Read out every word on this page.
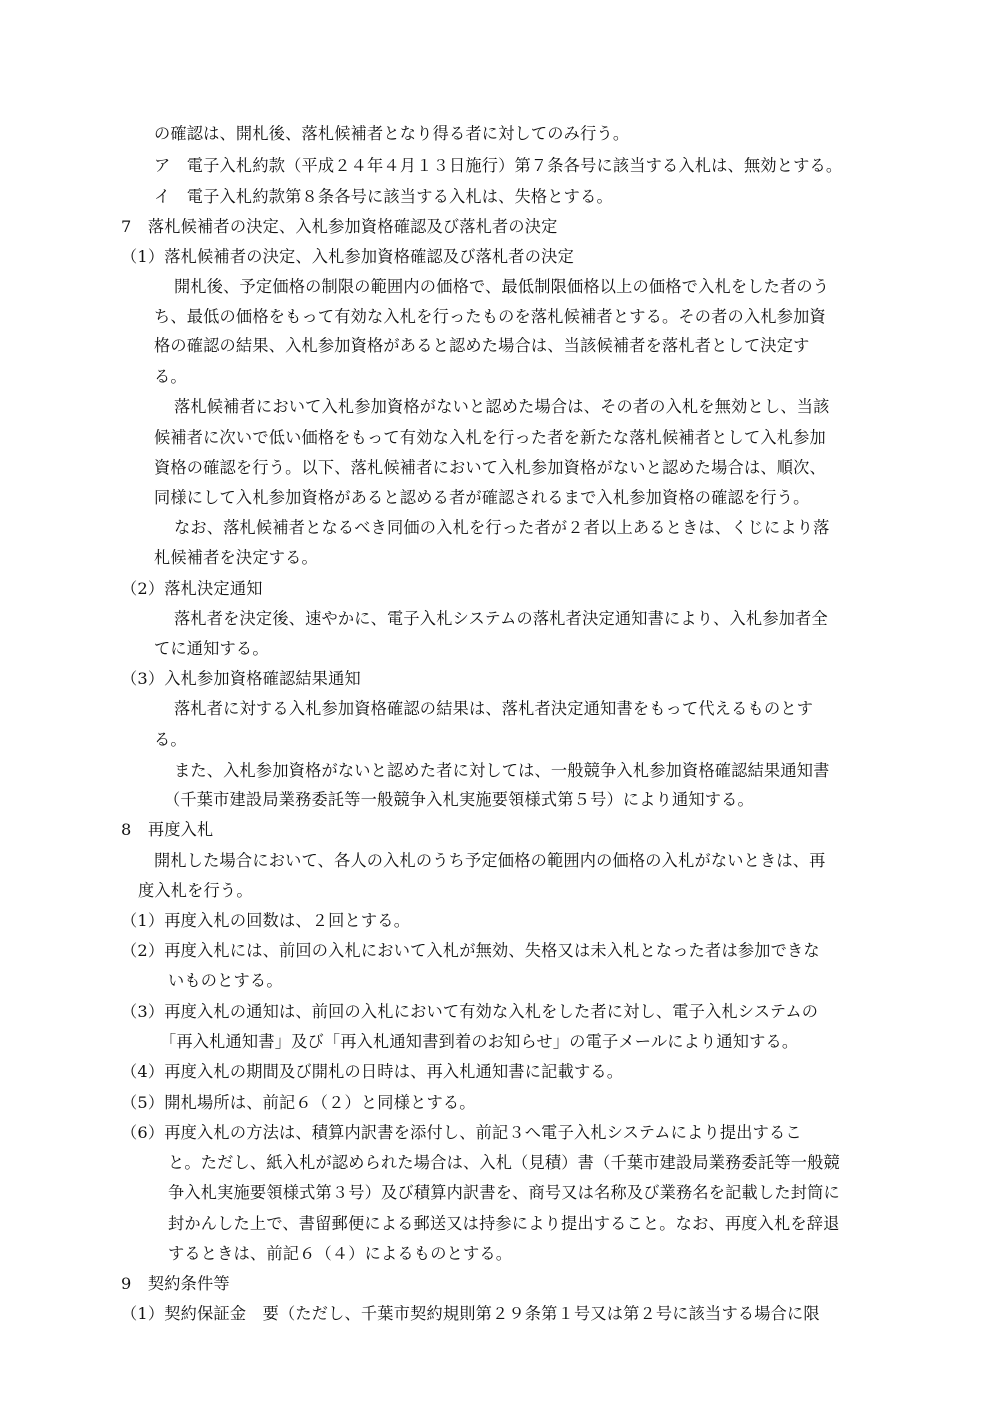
の確認は、開札後、落札候補者となり得る者に対してのみ行う。
ア　電子入札約款（平成２４年４月１３日施行）第７条各号に該当する入札は、無効とする。
イ　電子入札約款第８条各号に該当する入札は、失格とする。
7　落札候補者の決定、入札参加資格確認及び落札者の決定
（1）落札候補者の決定、入札参加資格確認及び落札者の決定
開札後、予定価格の制限の範囲内の価格で、最低制限価格以上の価格で入札をした者のう
ち、最低の価格をもって有効な入札を行ったものを落札候補者とする。その者の入札参加資
格の確認の結果、入札参加資格があると認めた場合は、当該候補者を落札者として決定す
る。
落札候補者において入札参加資格がないと認めた場合は、その者の入札を無効とし、当該
候補者に次いで低い価格をもって有効な入札を行った者を新たな落札候補者として入札参加
資格の確認を行う。以下、落札候補者において入札参加資格がないと認めた場合は、順次、
同様にして入札参加資格があると認める者が確認されるまで入札参加資格の確認を行う。
なお、落札候補者となるべき同価の入札を行った者が２者以上あるときは、くじにより落
札候補者を決定する。
（2）落札決定通知
落札者を決定後、速やかに、電子入札システムの落札者決定通知書により、入札参加者全
てに通知する。
（3）入札参加資格確認結果通知
落札者に対する入札参加資格確認の結果は、落札者決定通知書をもって代えるものとす
る。
また、入札参加資格がないと認めた者に対しては、一般競争入札参加資格確認結果通知書
（千葉市建設局業務委託等一般競争入札実施要領様式第５号）により通知する。
8　再度入札
開札した場合において、各人の入札のうち予定価格の範囲内の価格の入札がないときは、再
度入札を行う。
（1）再度入札の回数は、２回とする。
（2）再度入札には、前回の入札において入札が無効、失格又は未入札となった者は参加できな
いものとする。
（3）再度入札の通知は、前回の入札において有効な入札をした者に対し、電子入札システムの
「再入札通知書」及び「再入札通知書到着のお知らせ」の電子メールにより通知する。
（4）再度入札の期間及び開札の日時は、再入札通知書に記載する。
（5）開札場所は、前記６（２）と同様とする。
（6）再度入札の方法は、積算内訳書を添付し、前記３へ電子入札システムにより提出するこ
と。ただし、紙入札が認められた場合は、入札（見積）書（千葉市建設局業務委託等一般競
争入札実施要領様式第３号）及び積算内訳書を、商号又は名称及び業務名を記載した封筒に
封かんした上で、書留郵便による郵送又は持参により提出すること。なお、再度入札を辞退
するときは、前記６（４）によるものとする。
9　契約条件等
（1）契約保証金　要（ただし、千葉市契約規則第２９条第１号又は第２号に該当する場合に限
